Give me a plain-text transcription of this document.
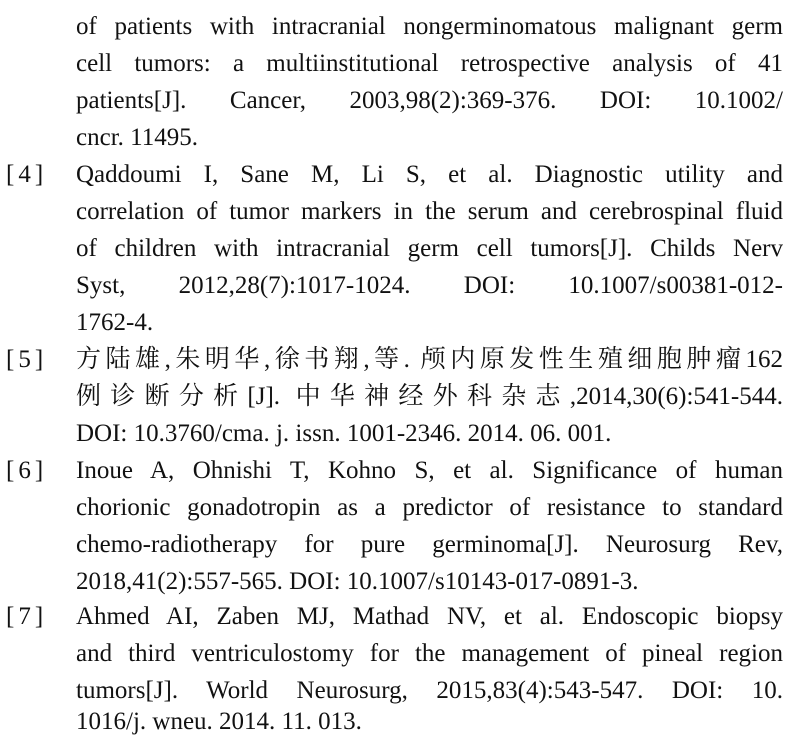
of patients with intracranial nongerminomatous malignant germ
cell tumors: a multiinstitutional retrospective analysis of 41
patients[J]. Cancer, 2003,98(2):369-376. DOI: 10.1002/
cncr. 11495.
[4]	Qaddoumi I, Sane M, Li S, et al. Diagnostic utility and
correlation of tumor markers in the serum and cerebrospinal fluid
of children with intracranial germ cell tumors[J]. Childs Nerv
Syst, 2012,28(7):1017-1024. DOI: 10.1007/s00381-012-
1762-4.
[5]	方陆雄,朱明华,徐书翔,等. 颅内原发性生殖细胞肿瘤162
例诊断分析[J]. 中华神经外科杂志,2014,30(6):541-544.
DOI: 10.3760/cma. j. issn. 1001-2346. 2014. 06. 001.
[6]	Inoue A, Ohnishi T, Kohno S, et al. Significance of human
chorionic gonadotropin as a predictor of resistance to standard
chemo-radiotherapy for pure germinoma[J]. Neurosurg Rev,
2018,41(2):557-565. DOI: 10.1007/s10143-017-0891-3.
[7]	Ahmed AI, Zaben MJ, Mathad NV, et al. Endoscopic biopsy
and third ventriculostomy for the management of pineal region
tumors[J]. World Neurosurg, 2015,83(4):543-547. DOI: 10.
1016/j. wneu. 2014. 11. 013.
